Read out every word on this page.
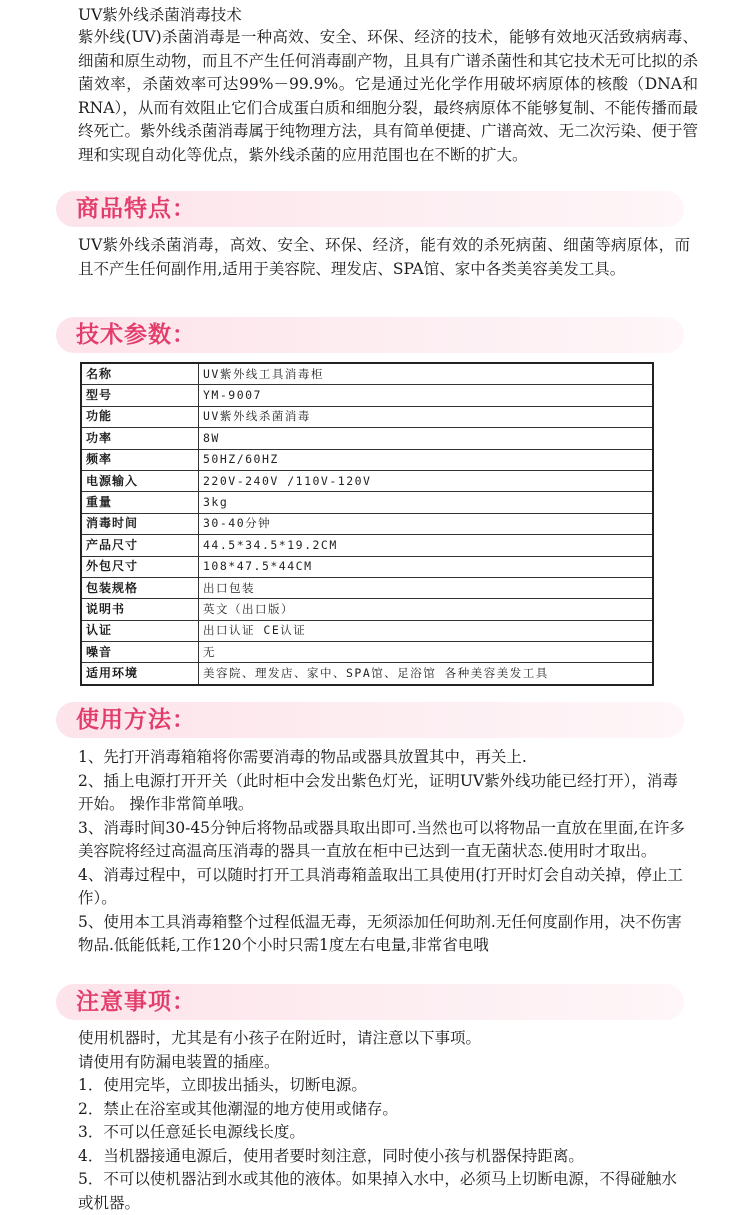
UV紫外线杀菌消毒技术

紫外线(UV)杀菌消毒是一种高效、安全、环保、经济的技术，能够有效地灭活致病病毒、细菌和原生动物，而且不产生任何消毒副产物，且具有广谱杀菌性和其它技术无可比拟的杀菌效率，杀菌效率可达99%－99.9%。它是通过光化学作用破坏病原体的核酸（DNA和RNA），从而有效阻止它们合成蛋白质和细胞分裂，最终病原体不能够复制、不能传播而最终死亡。紫外线杀菌消毒属于纯物理方法，具有简单便捷、广谱高效、无二次污染、便于管理和实现自动化等优点，紫外线杀菌的应用范围也在不断的扩大。

商品特点：

UV紫外线杀菌消毒，高效、安全、环保、经济，能有效的杀死病菌、细菌等病原体，而且不产生任何副作用,适用于美容院、理发店、SPA馆、家中各类美容美发工具。

技术参数：
名称	UV紫外线工具消毒柜
型号	YM-9007
功能	UV紫外线杀菌消毒
功率	8W
频率	50HZ/60HZ
电源输入	220V-240V /110V-120V
重量	3kg
消毒时间	30-40分钟
产品尺寸	44.5*34.5*19.2CM
外包尺寸	108*47.5*44CM
包装规格	出口包装
说明书	英文（出口版）
认证	出口认证 CE认证
噪音	无
适用环境	美容院、理发店、家中、SPA馆、足浴馆 各种美容美发工具
使用方法：

1、先打开消毒箱箱将你需要消毒的物品或器具放置其中，再关上.

2、插上电源打开开关（此时柜中会发出紫色灯光，证明UV紫外线功能已经打开），消毒开始。 操作非常简单哦。

3、消毒时间30-45分钟后将物品或器具取出即可.当然也可以将物品一直放在里面,在许多美容院将经过高温高压消毒的器具一直放在柜中已达到一直无菌状态.使用时才取出。

4、消毒过程中，可以随时打开工具消毒箱盖取出工具使用(打开时灯会自动关掉，停止工作）。

5、使用本工具消毒箱整个过程低温无毒，无须添加任何助剂.无任何度副作用，决不伤害物品.低能低耗,工作120个小时只需1度左右电量,非常省电哦

注意事项：

使用机器时，尤其是有小孩子在附近时，请注意以下事项。

请使用有防漏电装置的插座。

1．使用完毕，立即拔出插头，切断电源。

2．禁止在浴室或其他潮湿的地方使用或储存。

3．不可以任意延长电源线长度。

4．当机器接通电源后，使用者要时刻注意，同时使小孩与机器保持距离。

5．不可以使机器沾到水或其他的液体。如果掉入水中，必须马上切断电源，不得碰触水或机器。
